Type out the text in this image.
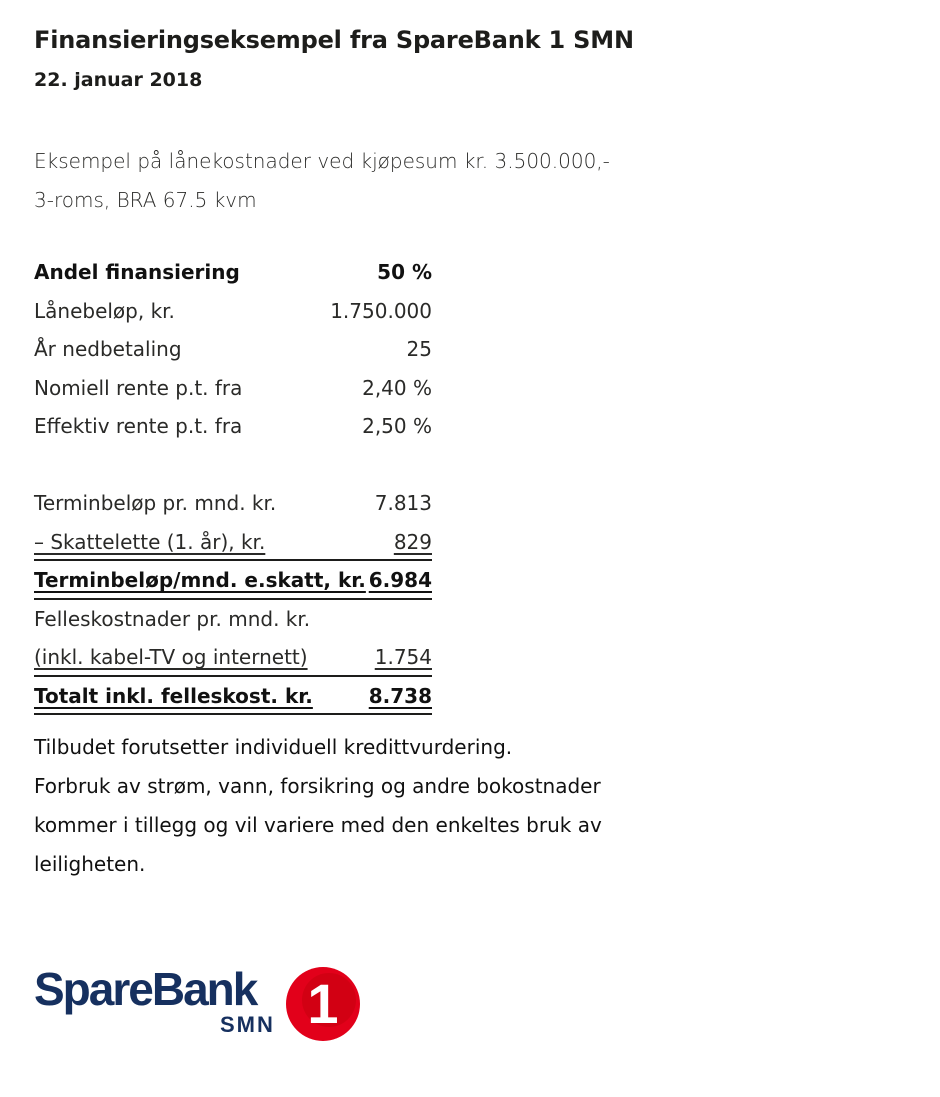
Finansieringseksempel fra SpareBank 1 SMN
22. januar 2018
Eksempel på lånekostnader ved kjøpesum kr. 3.500.000,-
3-roms, BRA 67.5 kvm
Andel finansiering	50 %
Lånebeløp, kr.	1.750.000
År nedbetaling	25
Nomiell rente p.t. fra	2,40 %
Effektiv rente p.t. fra	2,50 %
Terminbeløp pr. mnd. kr.	7.813
– Skattelette (1. år), kr.	829
Terminbeløp/mnd. e.skatt, kr. 6.984
Felleskostnader pr. mnd. kr.
(inkl. kabel-TV og internett)	1.754
Totalt inkl. felleskost. kr.	8.738
Tilbudet forutsetter individuell kredittvurdering.
Forbruk av strøm, vann, forsikring og andre bokostnader
kommer i tillegg og vil variere med den enkeltes bruk av
leiligheten.
SpareBank
SMN 1
